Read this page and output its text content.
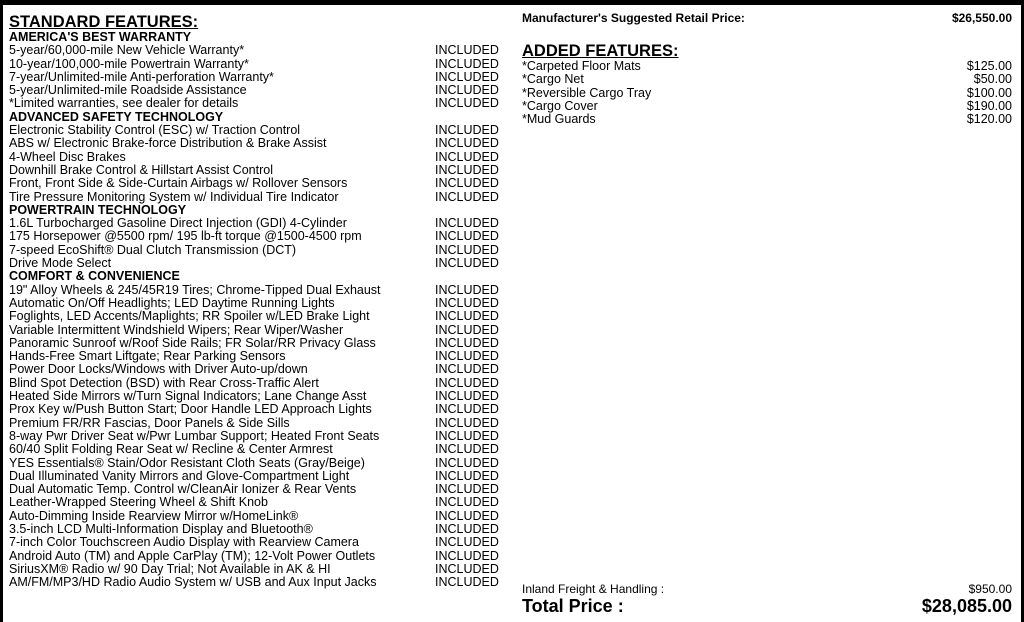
STANDARD FEATURES:
AMERICA'S BEST WARRANTY
5-year/60,000-mile New Vehicle Warranty*	INCLUDED
10-year/100,000-mile Powertrain Warranty*	INCLUDED
7-year/Unlimited-mile Anti-perforation Warranty*	INCLUDED
5-year/Unlimited-mile Roadside Assistance	INCLUDED
*Limited warranties, see dealer for details	INCLUDED
ADVANCED SAFETY TECHNOLOGY
Electronic Stability Control (ESC) w/ Traction Control	INCLUDED
ABS w/ Electronic Brake-force Distribution & Brake Assist	INCLUDED
4-Wheel Disc Brakes	INCLUDED
Downhill Brake Control & Hillstart Assist Control	INCLUDED
Front, Front Side & Side-Curtain Airbags w/ Rollover Sensors	INCLUDED
Tire Pressure Monitoring System w/ Individual Tire Indicator	INCLUDED
POWERTRAIN TECHNOLOGY
1.6L Turbocharged Gasoline Direct Injection (GDI) 4-Cylinder	INCLUDED
175 Horsepower @5500 rpm/ 195 lb-ft torque @1500-4500 rpm	INCLUDED
7-speed EcoShift® Dual Clutch Transmission (DCT)	INCLUDED
Drive Mode Select	INCLUDED
COMFORT & CONVENIENCE
19" Alloy Wheels & 245/45R19 Tires; Chrome-Tipped Dual Exhaust	INCLUDED
Automatic On/Off Headlights; LED Daytime Running Lights	INCLUDED
Foglights, LED Accents/Maplights; RR Spoiler w/LED Brake Light	INCLUDED
Variable Intermittent Windshield Wipers; Rear Wiper/Washer	INCLUDED
Panoramic Sunroof w/Roof Side Rails; FR Solar/RR Privacy Glass	INCLUDED
Hands-Free Smart Liftgate; Rear Parking Sensors	INCLUDED
Power Door Locks/Windows with Driver Auto-up/down	INCLUDED
Blind Spot Detection (BSD) with Rear Cross-Traffic Alert	INCLUDED
Heated Side Mirrors w/Turn Signal Indicators; Lane Change Asst	INCLUDED
Prox Key w/Push Button Start; Door Handle LED Approach Lights	INCLUDED
Premium FR/RR Fascias, Door Panels & Side Sills	INCLUDED
8-way Pwr Driver Seat w/Pwr Lumbar Support; Heated Front Seats	INCLUDED
60/40 Split Folding Rear Seat w/ Recline & Center Armrest	INCLUDED
YES Essentials® Stain/Odor Resistant Cloth Seats (Gray/Beige)	INCLUDED
Dual Illuminated Vanity Mirrors and Glove-Compartment Light	INCLUDED
Dual Automatic Temp. Control w/CleanAir Ionizer & Rear Vents	INCLUDED
Leather-Wrapped Steering Wheel & Shift Knob	INCLUDED
Auto-Dimming Inside Rearview Mirror w/HomeLink®	INCLUDED
3.5-inch LCD Multi-Information Display and Bluetooth®	INCLUDED
7-inch Color Touchscreen Audio Display with Rearview Camera	INCLUDED
Android Auto (TM) and Apple CarPlay (TM); 12-Volt Power Outlets	INCLUDED
SiriusXM® Radio w/ 90 Day Trial; Not Available in AK & HI	INCLUDED
AM/FM/MP3/HD Radio Audio System w/ USB and Aux Input Jacks	INCLUDED
Manufacturer's Suggested Retail Price:	$26,550.00
ADDED FEATURES:
*Carpeted Floor Mats	$125.00
*Cargo Net	$50.00
*Reversible Cargo Tray	$100.00
*Cargo Cover	$190.00
*Mud Guards	$120.00
Inland Freight & Handling :	$950.00
Total Price :	$28,085.00
